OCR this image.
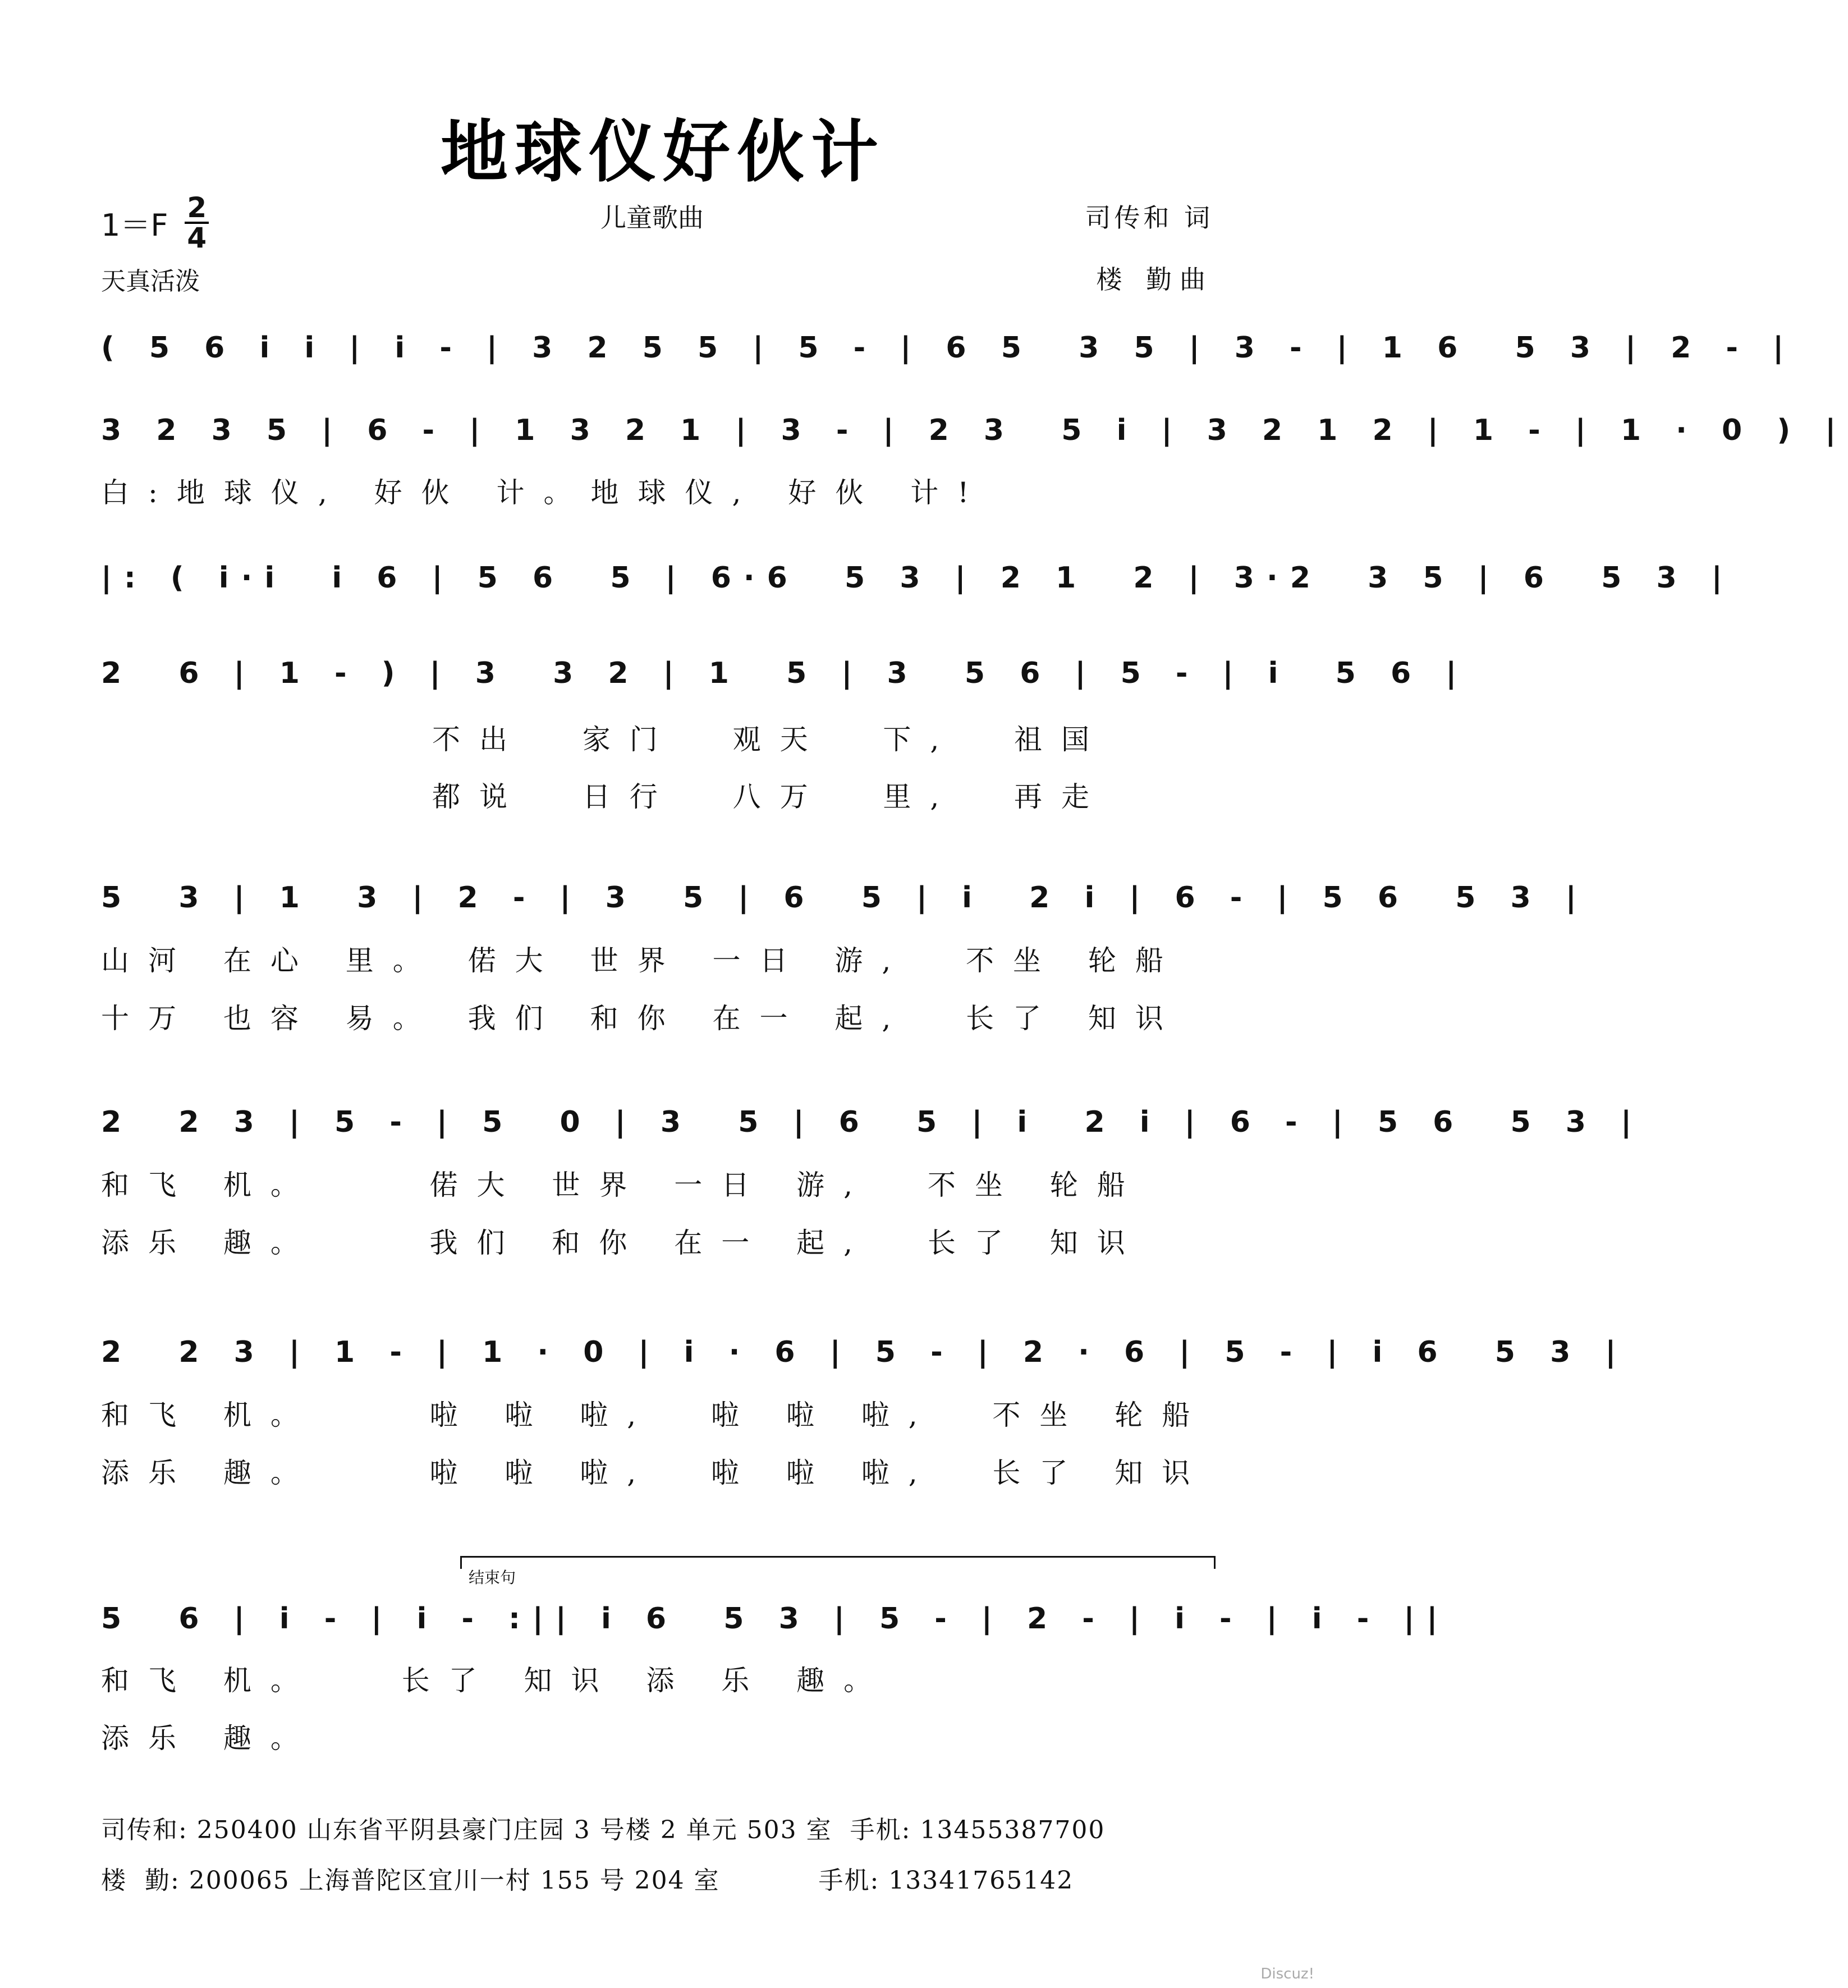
地球仪好伙计
$1=F \frac{2}{4}$	儿童歌曲	司传和 词
楼 勤曲
天真活泼
( 5 6 i i | i - | 3 2 5 5 | 5 - | 6 5  3 5 | 3 - | 1 6  5 3 | 2 - |
3 2 3 5 | 6 - | 1 3 2 1 | 3 - | 2 3  5 i | 3 2 1 2 | 1 - | 1 · 0 ) |

白:地球仪, 好伙 计。地球仪, 好伙 计!

|: ( i·i  i 6 | 5 6  5 | 6·6  5 3 | 2 1  2 | 3·2  3 5 | 6  5 3 |
2  6 | 1 - ) | 3  3 2 | 1  5 | 3  5 6 | 5 - | i  5 6 |

不出  家门  观天  下,  祖国

都说  日行  八万  里,  再走

5  3 | 1  3 | 2 - | 3  5 | 6  5 | i  2 i | 6 - | 5 6  5 3 |

山河 在心 里。 偌大 世界 一日 游,  不坐 轮船

十万 也容 易。 我们 和你 在一 起,  长了 知识

2  2 3 | 5 - | 5  0 | 3  5 | 6  5 | i  2 i | 6 - | 5 6  5 3 |

和飞 机。    偌大 世界 一日 游,  不坐 轮船

添乐 趣。    我们 和你 在一 起,  长了 知识

2  2 3 | 1 - | 1 · 0 | i · 6 | 5 - | 2 · 6 | 5 - | i 6  5 3 |

和飞 机。    啦 啦 啦,  啦 啦 啦,  不坐 轮船

添乐 趣。    啦 啦 啦,  啦 啦 啦,  长了 知识

结束句
5  6 | i - | i - :|| i 6  5 3 | 5 - | 2 - | i - | i - ||

和飞 机。   长了 知识 添 乐 趣。

添乐 趣。

司传和: 250400 山东省平阴县豪门庄园 3 号楼 2 单元 503 室  手机: 13455387700
楼  勤: 200065 上海普陀区宜川一村 155 号 204 室           手机: 13341765142
Discuz!
